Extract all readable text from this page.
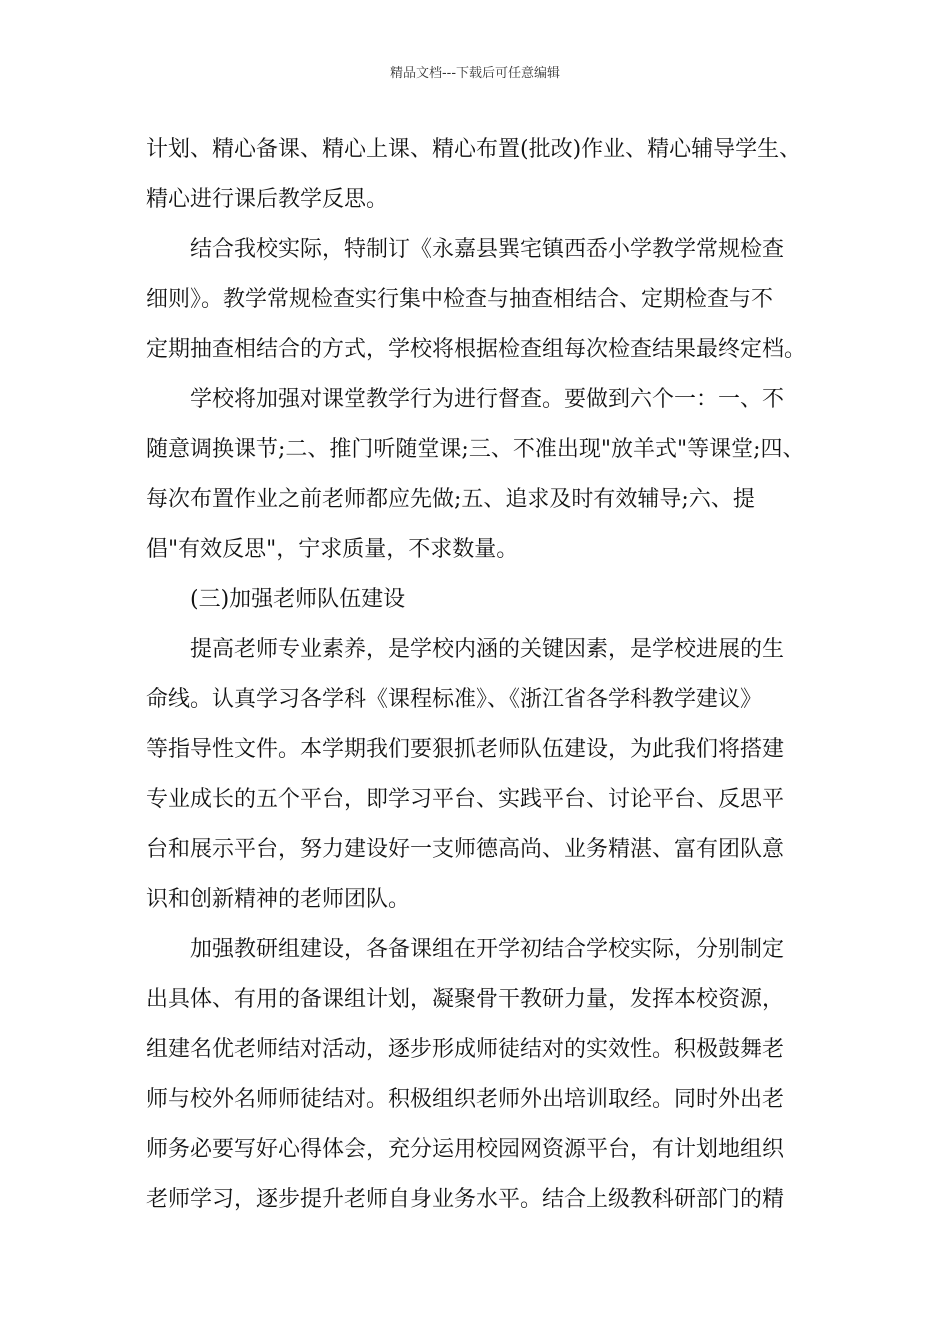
精品文档---下载后可任意编辑
计划、精心备课、精心上课、精心布置(批改)作业、精心辅导学生、
精心进行课后教学反思。
结合我校实际，特制订《永嘉县巽宅镇西岙小学教学常规检查
细则》。教学常规检查实行集中检查与抽查相结合、定期检查与不
定期抽查相结合的方式，学校将根据检查组每次检查结果最终定档。
学校将加强对课堂教学行为进行督查。要做到六个一：一、不
随意调换课节;二、推门听随堂课;三、不准出现"放羊式"等课堂;四、
每次布置作业之前老师都应先做;五、追求及时有效辅导;六、提
倡"有效反思"，宁求质量，不求数量。
(三)加强老师队伍建设
提高老师专业素养，是学校内涵的关键因素，是学校进展的生
命线。认真学习各学科《课程标准》、《浙江省各学科教学建议》
等指导性文件。本学期我们要狠抓老师队伍建设，为此我们将搭建
专业成长的五个平台，即学习平台、实践平台、讨论平台、反思平
台和展示平台，努力建设好一支师德高尚、业务精湛、富有团队意
识和创新精神的老师团队。
加强教研组建设，各备课组在开学初结合学校实际，分别制定
出具体、有用的备课组计划，凝聚骨干教研力量，发挥本校资源，
组建名优老师结对活动，逐步形成师徒结对的实效性。积极鼓舞老
师与校外名师师徒结对。积极组织老师外出培训取经。同时外出老
师务必要写好心得体会，充分运用校园网资源平台，有计划地组织
老师学习，逐步提升老师自身业务水平。结合上级教科研部门的精
